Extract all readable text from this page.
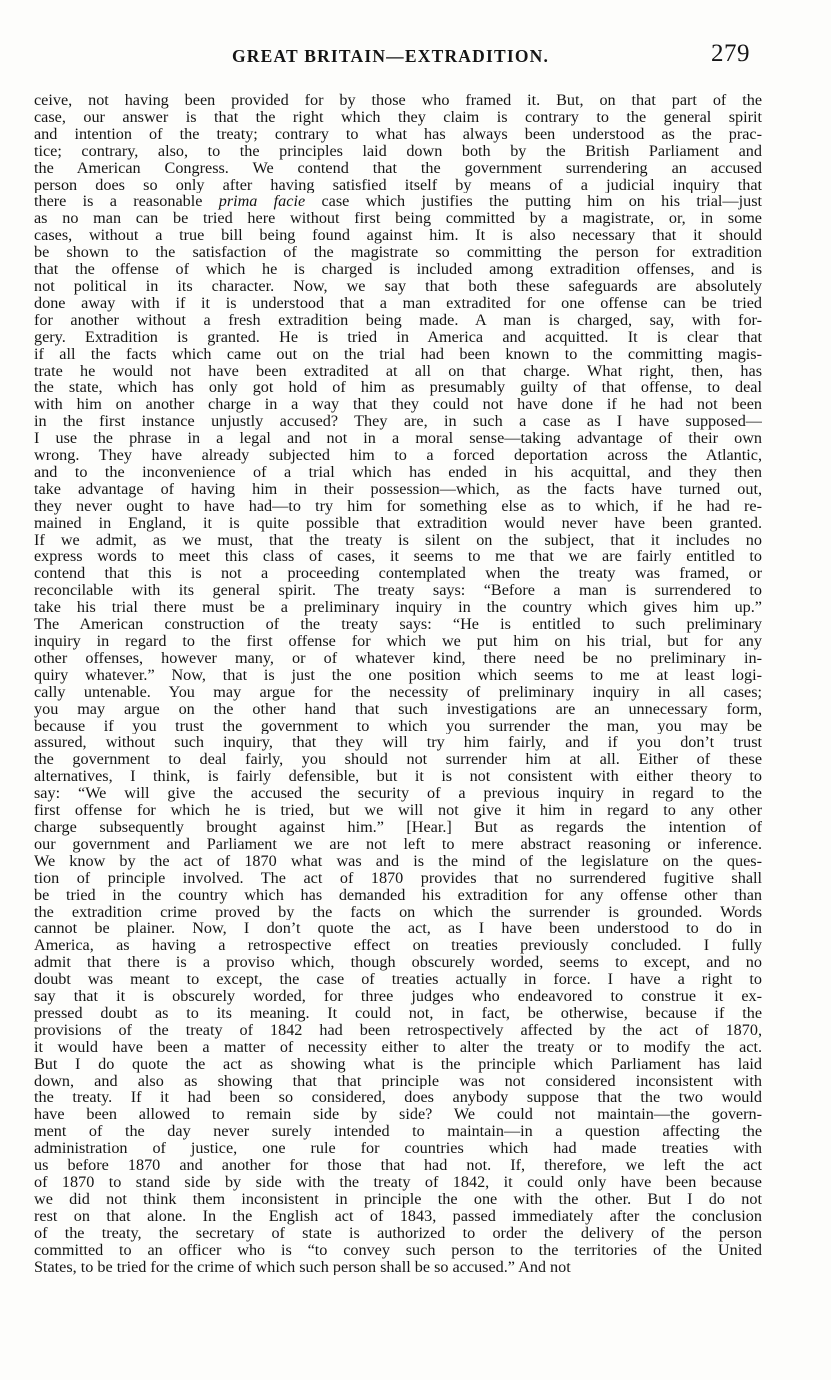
GREAT BRITAIN—EXTRADITION.	279
ceive, not having been provided for by those who framed it. But, on that part of the
case, our answer is that the right which they claim is contrary to the general spirit
and intention of the treaty; contrary to what has always been understood as the prac-
tice; contrary, also, to the principles laid down both by the British Parliament and
the American Congress. We contend that the government surrendering an accused
person does so only after having satisfied itself by means of a judicial inquiry that
there is a reasonable prima facie case which justifies the putting him on his trial—just
as no man can be tried here without first being committed by a magistrate, or, in some
cases, without a true bill being found against him. It is also necessary that it should
be shown to the satisfaction of the magistrate so committing the person for extradition
that the offense of which he is charged is included among extradition offenses, and is
not political in its character. Now, we say that both these safeguards are absolutely
done away with if it is understood that a man extradited for one offense can be tried
for another without a fresh extradition being made. A man is charged, say, with for-
gery. Extradition is granted. He is tried in America and acquitted. It is clear that
if all the facts which came out on the trial had been known to the committing magis-
trate he would not have been extradited at all on that charge. What right, then, has
the state, which has only got hold of him as presumably guilty of that offense, to deal
with him on another charge in a way that they could not have done if he had not been
in the first instance unjustly accused? They are, in such a case as I have supposed—
I use the phrase in a legal and not in a moral sense—taking advantage of their own
wrong. They have already subjected him to a forced deportation across the Atlantic,
and to the inconvenience of a trial which has ended in his acquittal, and they then
take advantage of having him in their possession—which, as the facts have turned out,
they never ought to have had—to try him for something else as to which, if he had re-
mained in England, it is quite possible that extradition would never have been granted.
If we admit, as we must, that the treaty is silent on the subject, that it includes no
express words to meet this class of cases, it seems to me that we are fairly entitled to
contend that this is not a proceeding contemplated when the treaty was framed, or
reconcilable with its general spirit. The treaty says: “Before a man is surrendered to
take his trial there must be a preliminary inquiry in the country which gives him up.”
The American construction of the treaty says: “He is entitled to such preliminary
inquiry in regard to the first offense for which we put him on his trial, but for any
other offenses, however many, or of whatever kind, there need be no preliminary in-
quiry whatever.” Now, that is just the one position which seems to me at least logi-
cally untenable. You may argue for the necessity of preliminary inquiry in all cases;
you may argue on the other hand that such investigations are an unnecessary form,
because if you trust the government to which you surrender the man, you may be
assured, without such inquiry, that they will try him fairly, and if you don’t trust
the government to deal fairly, you should not surrender him at all. Either of these
alternatives, I think, is fairly defensible, but it is not consistent with either theory to
say: “We will give the accused the security of a previous inquiry in regard to the
first offense for which he is tried, but we will not give it him in regard to any other
charge subsequently brought against him.” [Hear.] But as regards the intention of
our government and Parliament we are not left to mere abstract reasoning or inference.
We know by the act of 1870 what was and is the mind of the legislature on the ques-
tion of principle involved. The act of 1870 provides that no surrendered fugitive shall
be tried in the country which has demanded his extradition for any offense other than
the extradition crime proved by the facts on which the surrender is grounded. Words
cannot be plainer. Now, I don’t quote the act, as I have been understood to do in
America, as having a retrospective effect on treaties previously concluded. I fully
admit that there is a proviso which, though obscurely worded, seems to except, and no
doubt was meant to except, the case of treaties actually in force. I have a right to
say that it is obscurely worded, for three judges who endeavored to construe it ex-
pressed doubt as to its meaning. It could not, in fact, be otherwise, because if the
provisions of the treaty of 1842 had been retrospectively affected by the act of 1870,
it would have been a matter of necessity either to alter the treaty or to modify the act.
But I do quote the act as showing what is the principle which Parliament has laid
down, and also as showing that that principle was not considered inconsistent with
the treaty. If it had been so considered, does anybody suppose that the two would
have been allowed to remain side by side? We could not maintain—the govern-
ment of the day never surely intended to maintain—in a question affecting the
administration of justice, one rule for countries which had made treaties with
us before 1870 and another for those that had not. If, therefore, we left the act
of 1870 to stand side by side with the treaty of 1842, it could only have been because
we did not think them inconsistent in principle the one with the other. But I do not
rest on that alone. In the English act of 1843, passed immediately after the conclusion
of the treaty, the secretary of state is authorized to order the delivery of the person
committed to an officer who is “to convey such person to the territories of the United
States, to be tried for the crime of which such person shall be so accused.” And not
